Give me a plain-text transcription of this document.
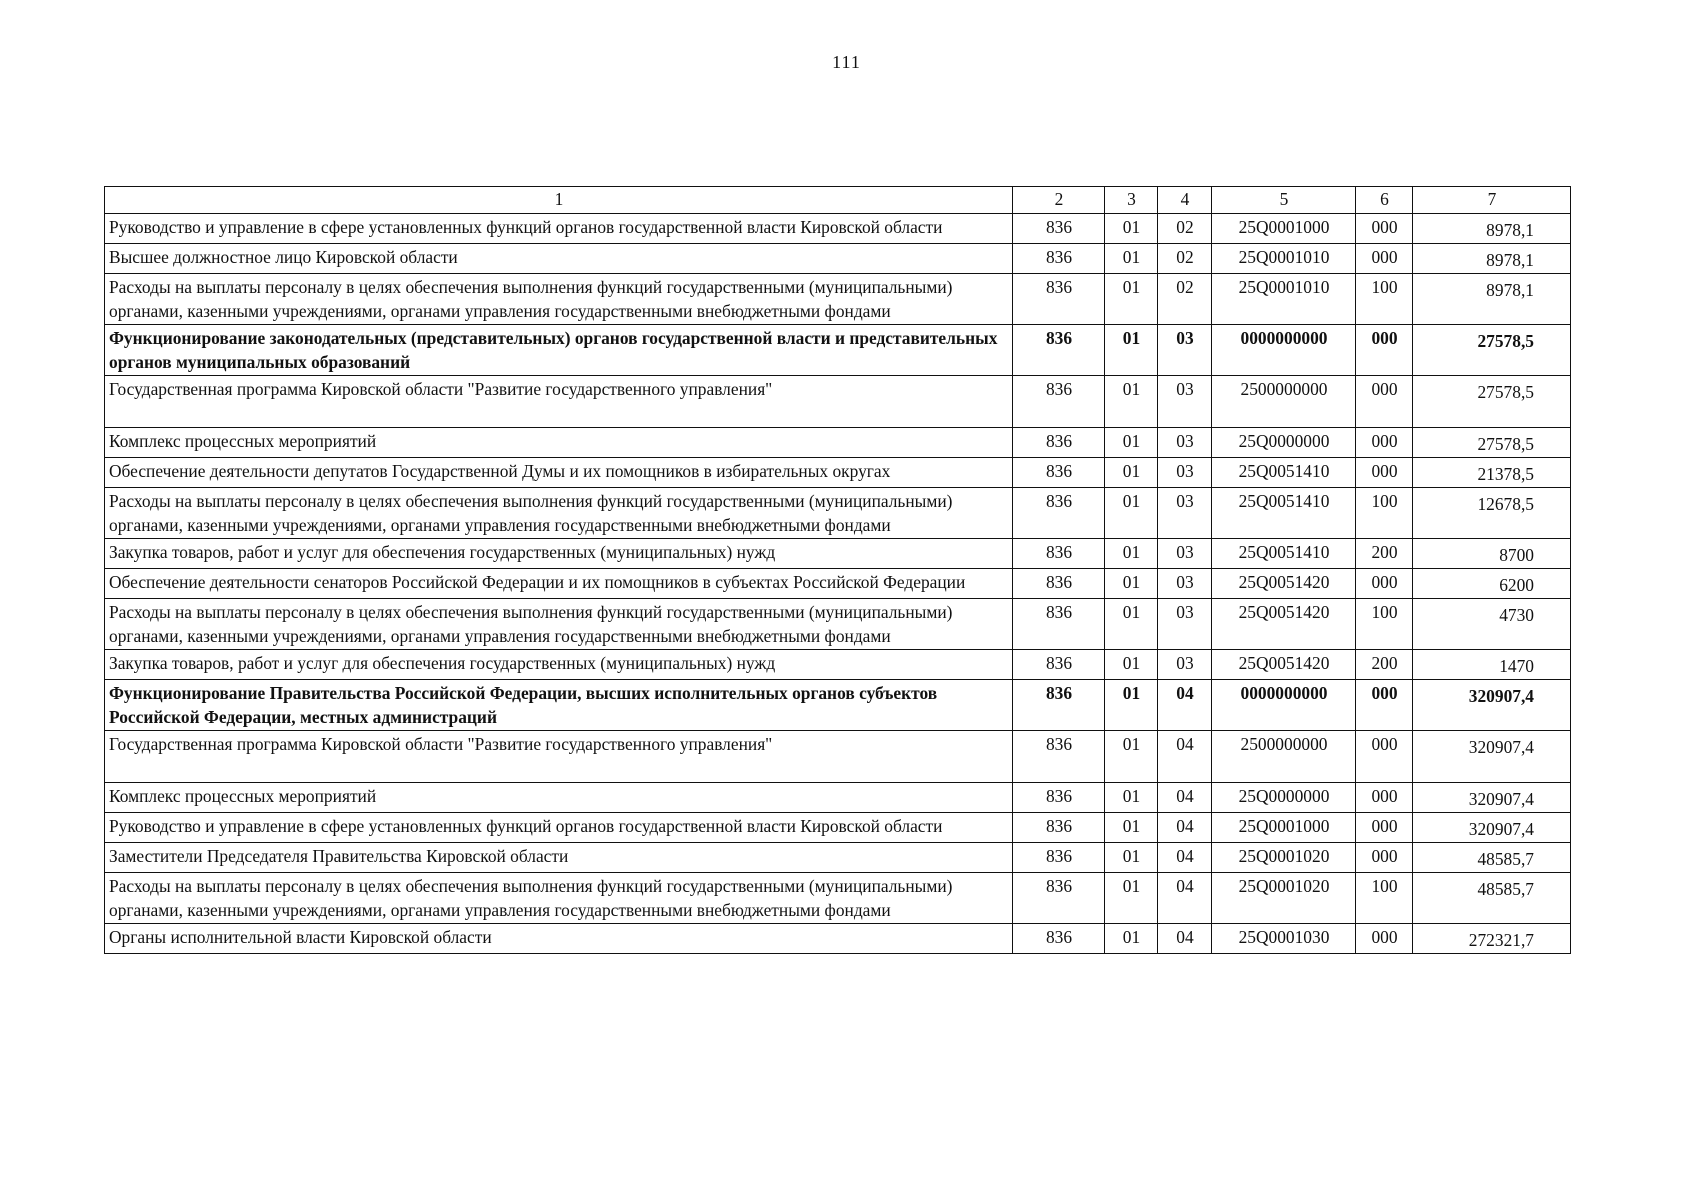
111
1	2	3	4	5	6	7
Руководство и управление в сфере установленных функций органов государственной власти Кировской области	836	01	02	25Q0001000	000	8978,1
Высшее должностное лицо Кировской области	836	01	02	25Q0001010	000	8978,1
Расходы на выплаты персоналу в целях обеспечения выполнения функций государственными (муниципальными) органами, казенными учреждениями, органами управления государственными внебюджетными фондами	836	01	02	25Q0001010	100	8978,1
Функционирование законодательных (представительных) органов государственной власти и представительных органов муниципальных образований	836	01	03	0000000000	000	27578,5
Государственная программа Кировской области "Развитие государственного управления"	836	01	03	2500000000	000	27578,5
Комплекс процессных мероприятий	836	01	03	25Q0000000	000	27578,5
Обеспечение деятельности депутатов Государственной Думы и их помощников в избирательных округах	836	01	03	25Q0051410	000	21378,5
Расходы на выплаты персоналу в целях обеспечения выполнения функций государственными (муниципальными) органами, казенными учреждениями, органами управления государственными внебюджетными фондами	836	01	03	25Q0051410	100	12678,5
Закупка товаров, работ и услуг для обеспечения государственных (муниципальных) нужд	836	01	03	25Q0051410	200	8700
Обеспечение деятельности сенаторов Российской Федерации и их помощников в субъектах Российской Федерации	836	01	03	25Q0051420	000	6200
Расходы на выплаты персоналу в целях обеспечения выполнения функций государственными (муниципальными) органами, казенными учреждениями, органами управления государственными внебюджетными фондами	836	01	03	25Q0051420	100	4730
Закупка товаров, работ и услуг для обеспечения государственных (муниципальных) нужд	836	01	03	25Q0051420	200	1470
Функционирование Правительства Российской Федерации, высших исполнительных органов субъектов Российской Федерации, местных администраций	836	01	04	0000000000	000	320907,4
Государственная программа Кировской области "Развитие государственного управления"	836	01	04	2500000000	000	320907,4
Комплекс процессных мероприятий	836	01	04	25Q0000000	000	320907,4
Руководство и управление в сфере установленных функций органов государственной власти Кировской области	836	01	04	25Q0001000	000	320907,4
Заместители Председателя Правительства Кировской области	836	01	04	25Q0001020	000	48585,7
Расходы на выплаты персоналу в целях обеспечения выполнения функций государственными (муниципальными) органами, казенными учреждениями, органами управления государственными внебюджетными фондами	836	01	04	25Q0001020	100	48585,7
Органы исполнительной власти Кировской области	836	01	04	25Q0001030	000	272321,7
